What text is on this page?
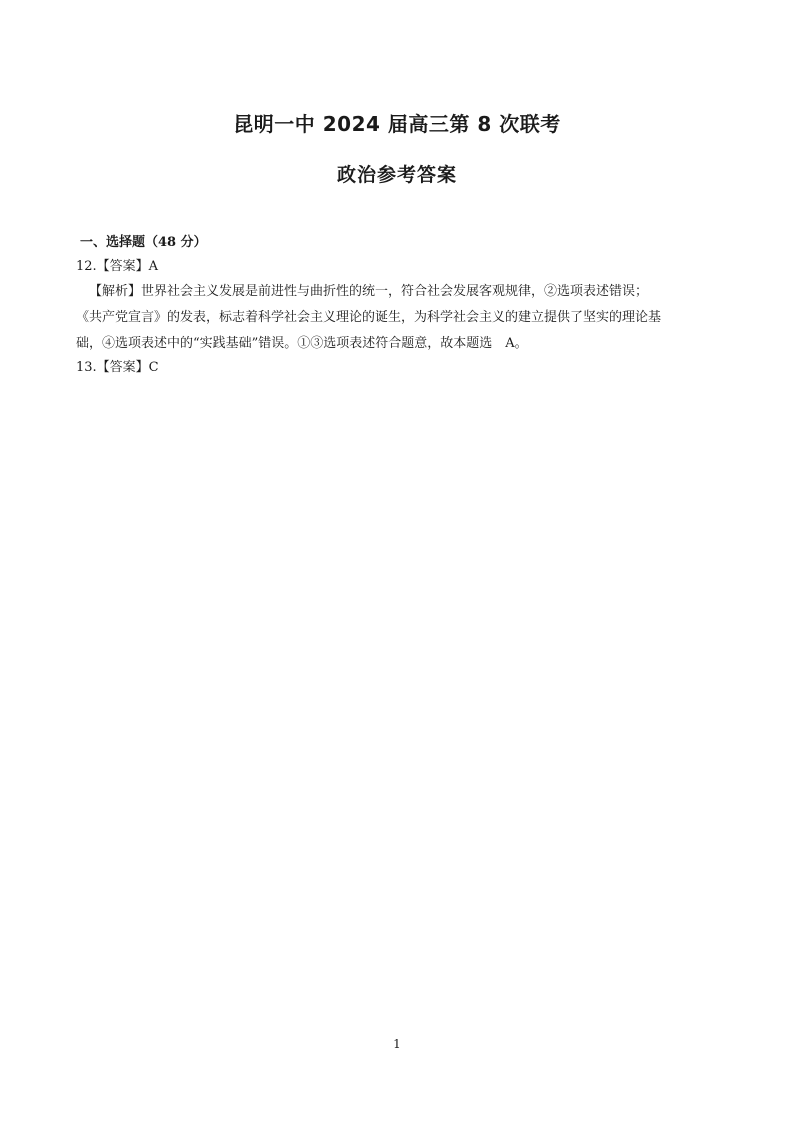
昆明一中 2024 届高三第 8 次联考
政治参考答案

一、选择题（48 分）

12.【答案】A

【解析】世界社会主义发展是前进性与曲折性的统一，符合社会发展客观规律，②选项表述错误；
《共产党宣言》的发表，标志着科学社会主义理论的诞生，为科学社会主义的建立提供了坚实的理论基
础，④选项表述中的“实践基础”错误。①③选项表述符合题意，故本题选　A。

13.【答案】C

1
